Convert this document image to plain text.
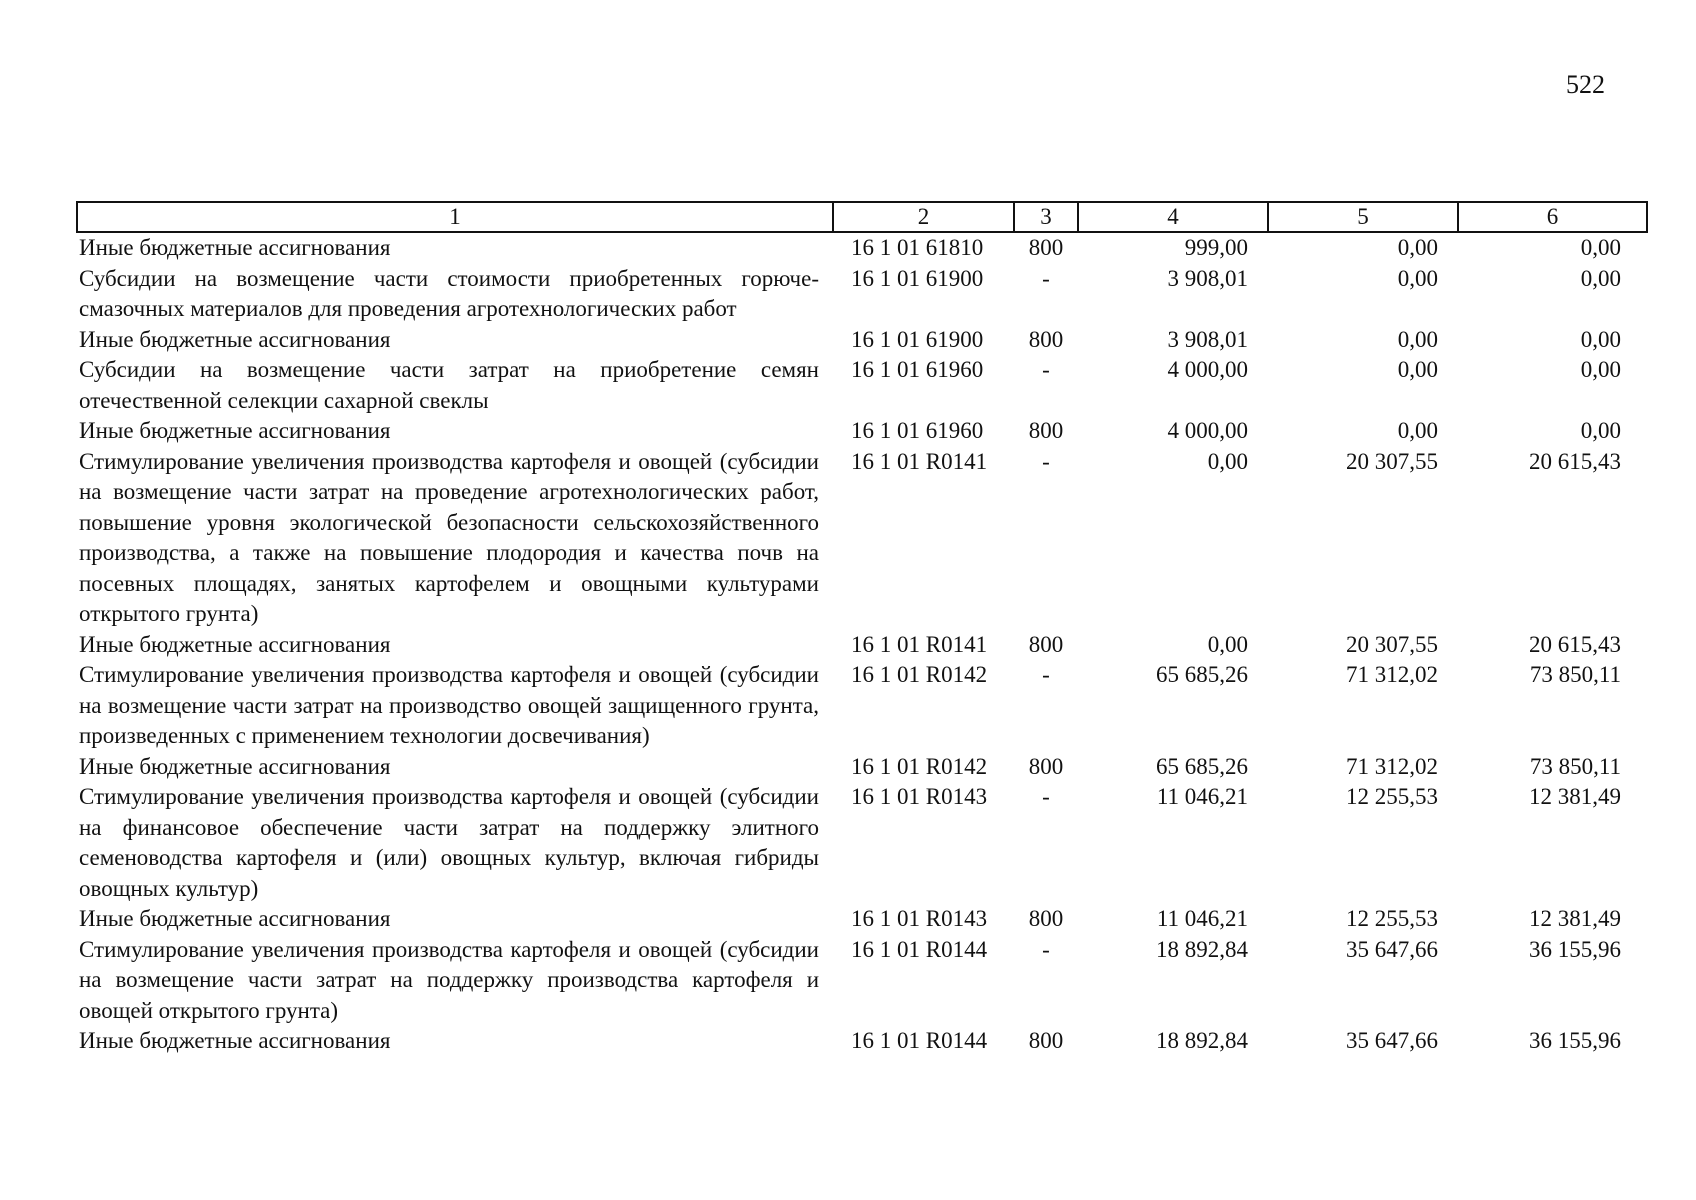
522
1	2	3	4	5	6
Иные бюджетные ассигнования	16 1 01 61810	800	999,00	0,00	0,00
Субсидии на возмещение части стоимости приобретенных горюче-смазочных материалов для проведения агротехнологических работ	16 1 01 61900	-	3 908,01	0,00	0,00
Иные бюджетные ассигнования	16 1 01 61900	800	3 908,01	0,00	0,00
Субсидии на возмещение части затрат на приобретение семян отечественной селекции сахарной свеклы	16 1 01 61960	-	4 000,00	0,00	0,00
Иные бюджетные ассигнования	16 1 01 61960	800	4 000,00	0,00	0,00
Стимулирование увеличения производства картофеля и овощей (субсидии на возмещение части затрат на проведение агротехнологических работ, повышение уровня экологической безопасности сельскохозяйственного производства, а также на повышение плодородия и качества почв на посевных площадях, занятых картофелем и овощными культурами открытого грунта)	16 1 01 R0141	-	0,00	20 307,55	20 615,43
Иные бюджетные ассигнования	16 1 01 R0141	800	0,00	20 307,55	20 615,43
Стимулирование увеличения производства картофеля и овощей (субсидии на возмещение части затрат на производство овощей защищенного грунта, произведенных с применением технологии досвечивания)	16 1 01 R0142	-	65 685,26	71 312,02	73 850,11
Иные бюджетные ассигнования	16 1 01 R0142	800	65 685,26	71 312,02	73 850,11
Стимулирование увеличения производства картофеля и овощей (субсидии на финансовое обеспечение части затрат на поддержку элитного семеноводства картофеля и (или) овощных культур, включая гибриды овощных культур)	16 1 01 R0143	-	11 046,21	12 255,53	12 381,49
Иные бюджетные ассигнования	16 1 01 R0143	800	11 046,21	12 255,53	12 381,49
Стимулирование увеличения производства картофеля и овощей (субсидии на возмещение части затрат на поддержку производства картофеля и овощей открытого грунта)	16 1 01 R0144	-	18 892,84	35 647,66	36 155,96
Иные бюджетные ассигнования	16 1 01 R0144	800	18 892,84	35 647,66	36 155,96
